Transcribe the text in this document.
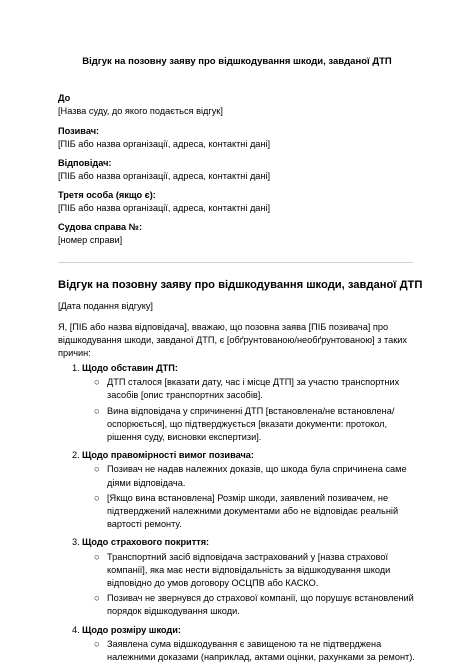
Відгук на позовну заяву про відшкодування шкоди, завданої ДТП
До
[Назва суду, до якого подається відгук]
Позивач:
[ПІБ або назва організації, адреса, контактні дані]
Відповідач:
[ПІБ або назва організації, адреса, контактні дані]
Третя особа (якщо є):
[ПІБ або назва організації, адреса, контактні дані]
Судова справа №:
[номер справи]
Відгук на позовну заяву про відшкодування шкоди, завданої ДТП
[Дата подання відгуку]
Я, [ПІБ або назва відповідача], вважаю, що позовна заява [ПІБ позивача] про відшкодування шкоди, завданої ДТП, є [обґрунтованою/необґрунтованою] з таких причин:
1. Щодо обставин ДТП:
○ ДТП сталося [вказати дату, час і місце ДТП] за участю транспортних засобів [опис транспортних засобів].
○ Вина відповідача у спричиненні ДТП [встановлена/не встановлена/оспорюється], що підтверджується [вказати документи: протокол, рішення суду, висновки експертизи].
2. Щодо правомірності вимог позивача:
○ Позивач не надав належних доказів, що шкода була спричинена саме діями відповідача.
○ [Якщо вина встановлена] Розмір шкоди, заявлений позивачем, не підтверджений належними документами або не відповідає реальній вартості ремонту.
3. Щодо страхового покриття:
○ Транспортний засіб відповідача застрахований у [назва страхової компанії], яка має нести відповідальність за відшкодування шкоди відповідно до умов договору ОСЦПВ або КАСКО.
○ Позивач не звернувся до страхової компанії, що порушує встановлений порядок відшкодування шкоди.
4. Щодо розміру шкоди:
○ Заявлена сума відшкодування є завищеною та не підтверджена належними доказами (наприклад, актами оцінки, рахунками за ремонт).
